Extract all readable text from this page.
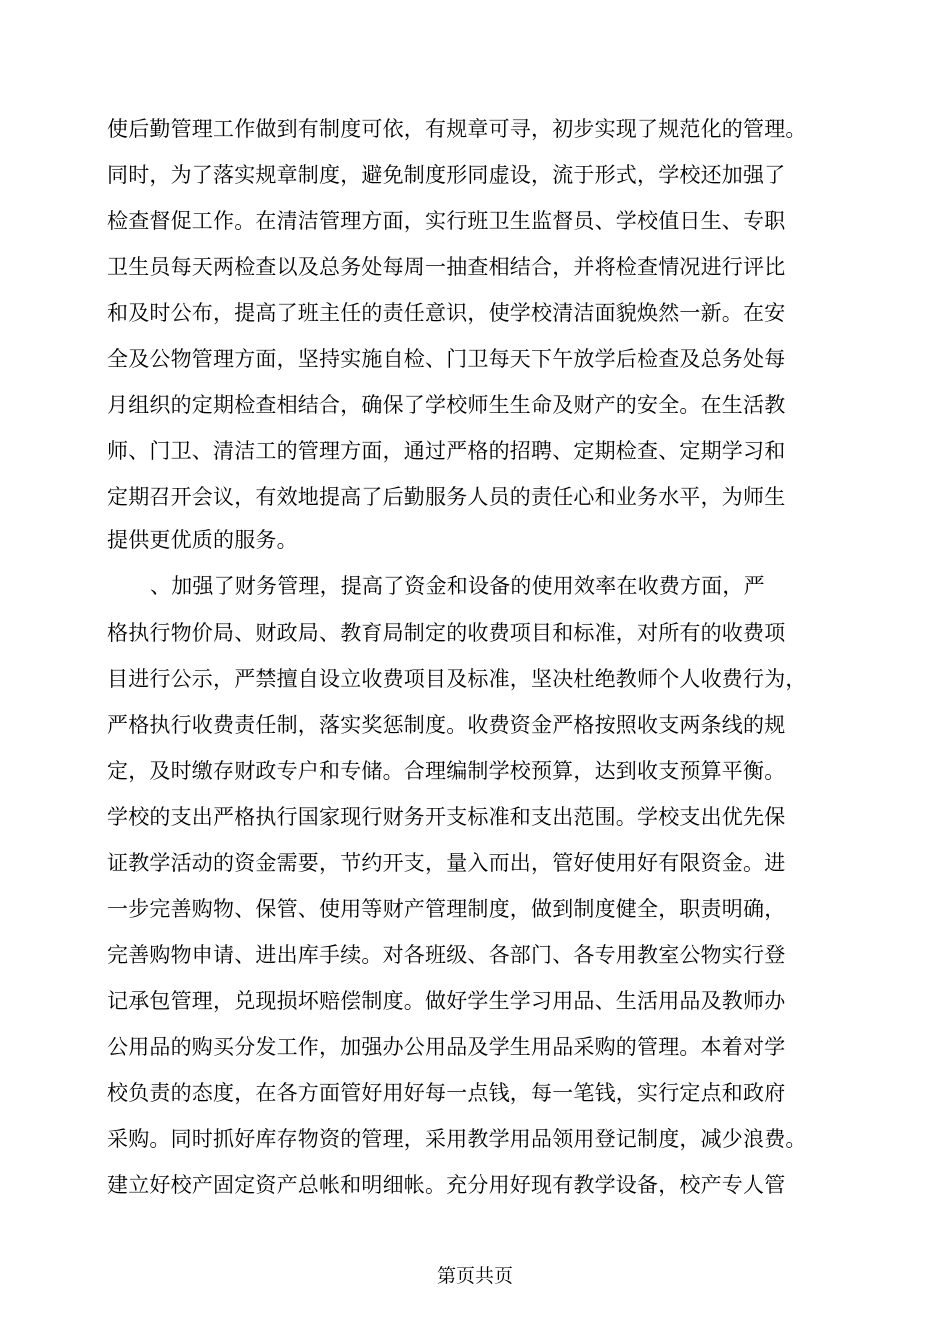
使后勤管理工作做到有制度可依，有规章可寻，初步实现了规范化的管理。
同时，为了落实规章制度，避免制度形同虚设，流于形式，学校还加强了
检查督促工作。在清洁管理方面，实行班卫生监督员、学校值日生、专职
卫生员每天两检查以及总务处每周一抽查相结合，并将检查情况进行评比
和及时公布，提高了班主任的责任意识，使学校清洁面貌焕然一新。在安
全及公物管理方面，坚持实施自检、门卫每天下午放学后检查及总务处每
月组织的定期检查相结合，确保了学校师生生命及财产的安全。在生活教
师、门卫、清洁工的管理方面，通过严格的招聘、定期检查、定期学习和
定期召开会议，有效地提高了后勤服务人员的责任心和业务水平，为师生
提供更优质的服务。
、加强了财务管理，提高了资金和设备的使用效率在收费方面，严
格执行物价局、财政局、教育局制定的收费项目和标准，对所有的收费项
目进行公示，严禁擅自设立收费项目及标准，坚决杜绝教师个人收费行为，
严格执行收费责任制，落实奖惩制度。收费资金严格按照收支两条线的规
定，及时缴存财政专户和专储。合理编制学校预算，达到收支预算平衡。
学校的支出严格执行国家现行财务开支标准和支出范围。学校支出优先保
证教学活动的资金需要，节约开支，量入而出，管好使用好有限资金。进
一步完善购物、保管、使用等财产管理制度，做到制度健全，职责明确，
完善购物申请、进出库手续。对各班级、各部门、各专用教室公物实行登
记承包管理，兑现损坏赔偿制度。做好学生学习用品、生活用品及教师办
公用品的购买分发工作，加强办公用品及学生用品采购的管理。本着对学
校负责的态度，在各方面管好用好每一点钱，每一笔钱，实行定点和政府
采购。同时抓好库存物资的管理，采用教学用品领用登记制度，减少浪费。
建立好校产固定资产总帐和明细帐。充分用好现有教学设备，校产专人管
第页共页
